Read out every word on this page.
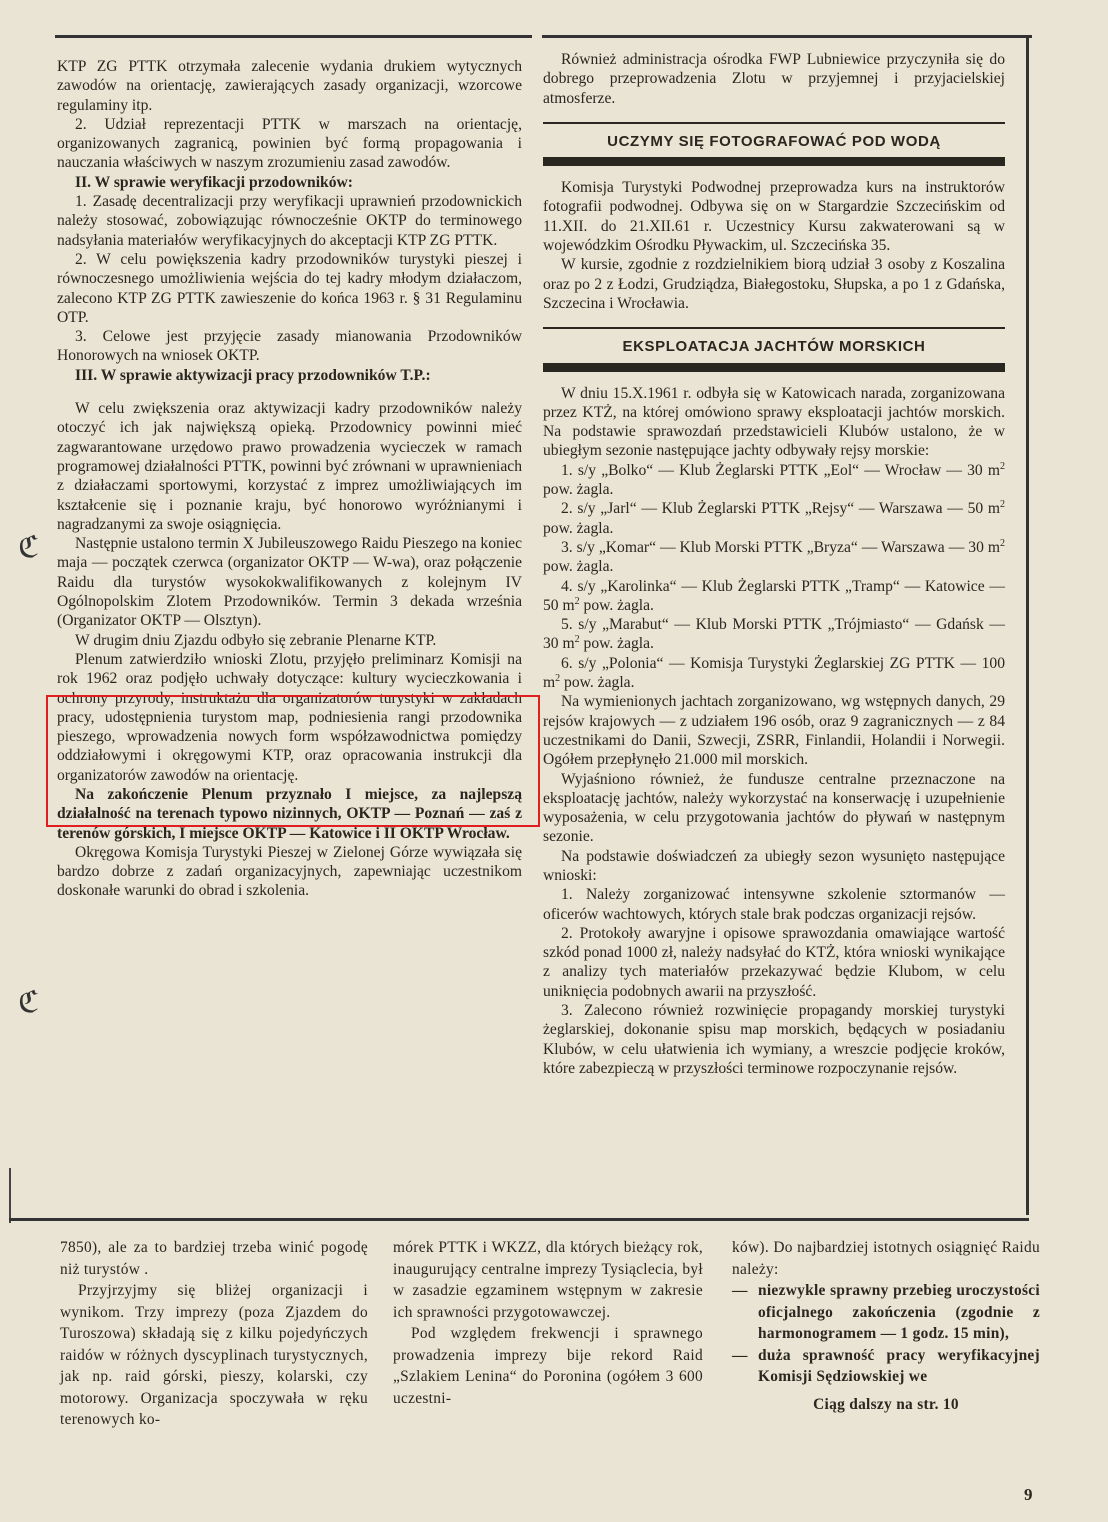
ℭ
ℭ

KTP ZG PTTK otrzymała zalecenie wydania drukiem wytycznych zawodów na orientację, zawierających zasady organizacji, wzorcowe regulaminy itp.

2. Udział reprezentacji PTTK w marszach na orientację, organizowanych zagranicą, powinien być formą propagowania i nauczania właściwych w naszym zrozumieniu zasad zawodów.

II. W sprawie weryfikacji przodowników:

1. Zasadę decentralizacji przy weryfikacji uprawnień przodownickich należy stosować, zobowiązując równocześnie OKTP do terminowego nadsyłania materiałów weryfikacyjnych do akceptacji KTP ZG PTTK.

2. W celu powiększenia kadry przodowników turystyki pieszej i równoczesnego umożliwienia wejścia do tej kadry młodym działaczom, zalecono KTP ZG PTTK zawieszenie do końca 1963 r. § 31 Regulaminu OTP.

3. Celowe jest przyjęcie zasady mianowania Przodowników Honorowych na wniosek OKTP.

III. W sprawie aktywizacji pracy przodowników T.P.:

W celu zwiększenia oraz aktywizacji kadry przodowników należy otoczyć ich jak największą opieką. Przodownicy powinni mieć zagwarantowane urzędowo prawo prowadzenia wycieczek w ramach programowej działalności PTTK, powinni być zrównani w uprawnieniach z działaczami sportowymi, korzystać z imprez umożliwiających im kształcenie się i poznanie kraju, być honorowo wyróżnianymi i nagradzanymi za swoje osiągnięcia.

Następnie ustalono termin X Jubileuszowego Raidu Pieszego na koniec maja — początek czerwca (organizator OKTP — W-wa), oraz połączenie Raidu dla turystów wysokokwalifikowanych z kolejnym IV Ogólnopolskim Zlotem Przodowników. Termin 3 dekada września (Organizator OKTP — Olsztyn).

W drugim dniu Zjazdu odbyło się zebranie Plenarne KTP.

Plenum zatwierdziło wnioski Zlotu, przyjęło preliminarz Komisji na rok 1962 oraz podjęło uchwały dotyczące: kultury wycieczkowania i ochrony przyrody, instruktażu dla organizatorów turystyki w zakładach pracy, udostępnienia turystom map, podniesienia rangi przodownika pieszego, wprowadzenia nowych form współzawodnictwa pomiędzy oddziałowymi i okręgowymi KTP, oraz opracowania instrukcji dla organizatorów zawodów na orientację.

Na zakończenie Plenum przyznało I miejsce, za najlepszą działalność na terenach typowo nizinnych, OKTP — Poznań — zaś z terenów górskich, I miejsce OKTP — Katowice i II OKTP Wrocław.

Okręgowa Komisja Turystyki Pieszej w Zielonej Górze wywiązała się bardzo dobrze z zadań organizacyjnych, zapewniając uczestnikom doskonałe warunki do obrad i szkolenia.

Również administracja ośrodka FWP Lubniewice przyczyniła się do dobrego przeprowadzenia Zlotu w przyjemnej i przyjacielskiej atmosferze.

UCZYMY SIĘ FOTOGRAFOWAĆ POD WODĄ

Komisja Turystyki Podwodnej przeprowadza kurs na instruktorów fotografii podwodnej. Odbywa się on w Stargardzie Szczecińskim od 11.XII. do 21.XII.61 r. Uczestnicy Kursu zakwaterowani są w wojewódzkim Ośrodku Pływackim, ul. Szczecińska 35.

W kursie, zgodnie z rozdzielnikiem biorą udział 3 osoby z Koszalina oraz po 2 z Łodzi, Grudziądza, Białegostoku, Słupska, a po 1 z Gdańska, Szczecina i Wrocławia.

EKSPLOATACJA JACHTÓW MORSKICH

W dniu 15.X.1961 r. odbyła się w Katowicach narada, zorganizowana przez KTŻ, na której omówiono sprawy eksploatacji jachtów morskich. Na podstawie sprawozdań przedstawicieli Klubów ustalono, że w ubiegłym sezonie następujące jachty odbywały rejsy morskie:

1. s/y „Bolko“ — Klub Żeglarski PTTK „Eol“ — Wrocław — 30 $m^2$ pow. żagla.

2. s/y „Jarl“ — Klub Żeglarski PTTK „Rejsy“ — Warszawa — 50 $m^2$ pow. żagla.

3. s/y „Komar“ — Klub Morski PTTK „Bryza“ — Warszawa — 30 $m^2$ pow. żagla.

4. s/y „Karolinka“ — Klub Żeglarski PTTK „Tramp“ — Katowice — 50 $m^2$ pow. żagla.

5. s/y „Marabut“ — Klub Morski PTTK „Trójmiasto“ — Gdańsk — 30 $m^2$ pow. żagla.

6. s/y „Polonia“ — Komisja Turystyki Żeglarskiej ZG PTTK — 100 $m^2$ pow. żagla.

Na wymienionych jachtach zorganizowano, wg wstępnych danych, 29 rejsów krajowych — z udziałem 196 osób, oraz 9 zagranicznych — z 84 uczestnikami do Danii, Szwecji, ZSRR, Finlandii, Holandii i Norwegii. Ogółem przepłynęło 21.000 mil morskich.

Wyjaśniono również, że fundusze centralne przeznaczone na eksploatację jachtów, należy wykorzystać na konserwację i uzupełnienie wyposażenia, w celu przygotowania jachtów do pływań w następnym sezonie.

Na podstawie doświadczeń za ubiegły sezon wysunięto następujące wnioski:

1. Należy zorganizować intensywne szkolenie sztormanów — oficerów wachtowych, których stale brak podczas organizacji rejsów.

2. Protokoły awaryjne i opisowe sprawozdania omawiające wartość szkód ponad 1000 zł, należy nadsyłać do KTŻ, która wnioski wynikające z analizy tych materiałów przekazywać będzie Klubom, w celu uniknięcia podobnych awarii na przyszłość.

3. Zalecono również rozwinięcie propagandy morskiej turystyki żeglarskiej, dokonanie spisu map morskich, będących w posiadaniu Klubów, w celu ułatwienia ich wymiany, a wreszcie podjęcie kroków, które zabezpieczą w przyszłości terminowe rozpoczynanie rejsów.

7850), ale za to bardziej trzeba winić pogodę niż turystów .

Przyjrzyjmy się bliżej organizacji i wynikom. Trzy imprezy (poza Zjazdem do Turoszowa) składają się z kilku pojedyńczych raidów w różnych dyscyplinach turystycznych, jak np. raid górski, pieszy, kolarski, czy motorowy. Organizacja spoczywała w ręku terenowych ko-

mórek PTTK i WKZZ, dla których bieżący rok, inaugurujący centralne imprezy Tysiąclecia, był w zasadzie egzaminem wstępnym w zakresie ich sprawności przygotowawczej.

Pod względem frekwencji i sprawnego prowadzenia imprezy bije rekord Raid „Szlakiem Lenina“ do Poronina (ogółem 3 600 uczestni-

ków). Do najbardziej istotnych osiągnięć Raidu należy:

— niezwykle sprawny przebieg uroczystości oficjalnego zakończenia (zgodnie z harmonogramem — 1 godz. 15 min),

— duża sprawność pracy weryfikacyjnej Komisji Sędziowskiej we

Ciąg dalszy na str. 10

9
